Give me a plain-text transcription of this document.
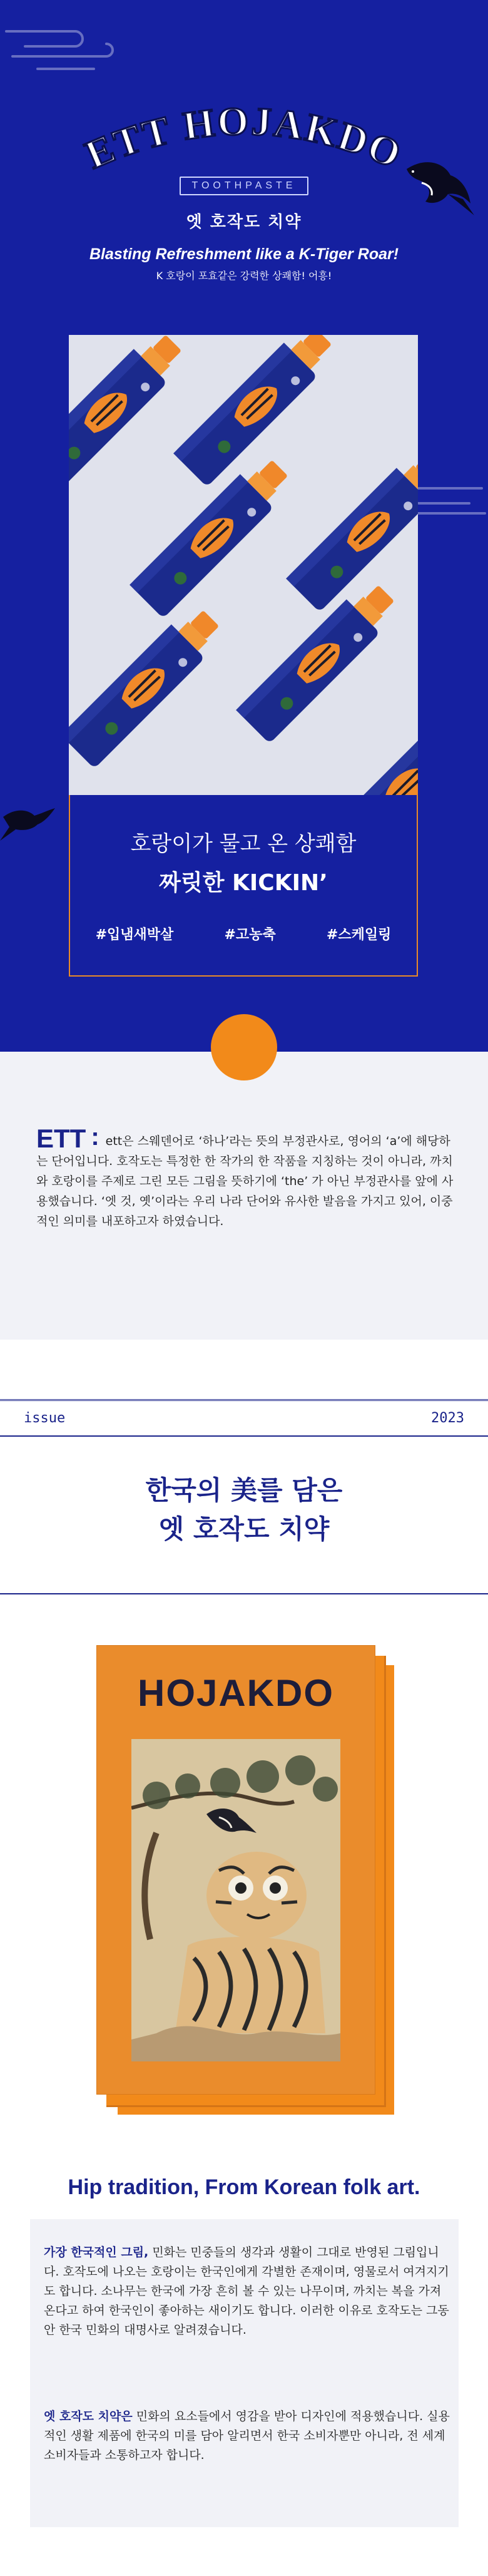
ETT HOJAKDO
TOOTHPASTE
엣 호작도 치약
Blasting Refreshment like a K-Tiger Roar!
K 호랑이 포효같은 강력한 상쾌함! 어흥!
호랑이가 물고 온 상쾌함
짜릿한 KICKIN’
#입냄새박살	#고농축	#스케일링
ETT : ett은 스웨덴어로 ‘하나’라는 뜻의 부정관사로, 영어의 ‘a’에 해당하는 단어입니다. 호작도는 특정한 한 작가의 한 작품을 지칭하는 것이 아니라, 까치와 호랑이를 주제로 그린 모든 그림을 뜻하기에 ‘the’ 가 아닌 부정관사를 앞에 사용했습니다. ‘엣 것, 옛’이라는 우리 나라 단어와 유사한 발음을 가지고 있어, 이중적인 의미를 내포하고자 하였습니다.
issue	2023
한국의 美를 담은
엣 호작도 치약
HOJAKDO
Hip tradition, From Korean folk art.
가장 한국적인 그림, 민화는 민중들의 생각과 생활이 그대로 반영된 그림입니다. 호작도에 나오는 호랑이는 한국인에게 각별한 존재이며, 영물로서 여겨지기도 합니다. 소나무는 한국에 가장 흔히 볼 수 있는 나무이며, 까치는 복을 가져온다고 하여 한국인이 좋아하는 새이기도 합니다. 이러한 이유로 호작도는 그동안 한국 민화의 대명사로 알려졌습니다.
엣 호작도 치약은 민화의 요소들에서 영감을 받아 디자인에 적용했습니다. 실용적인 생활 제품에 한국의 미를 담아 알리면서 한국 소비자뿐만 아니라, 전 세계 소비자들과 소통하고자 합니다.
